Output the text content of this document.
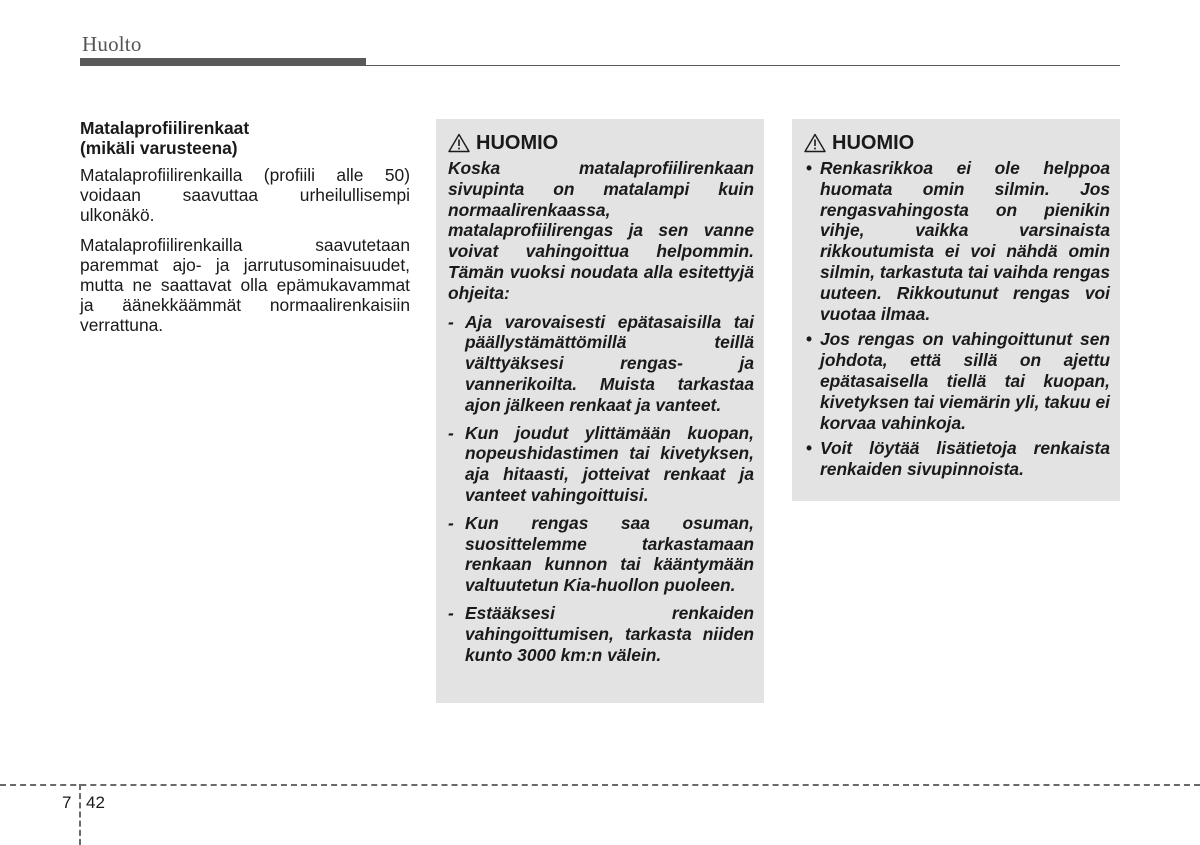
Huolto
Matalaprofiilirenkaat
(mikäli varusteena)

Matalaprofiilirenkailla (profiili alle 50) voidaan saavuttaa urheilullisempi ulkonäkö.

Matalaprofiilirenkailla saavutetaan paremmat ajo- ja jarrutusominaisuudet, mutta ne saattavat olla epämukavammat ja äänekkäämmät normaalirenkaisiin verrattuna.

HUOMIO

Koska matalaprofiilirenkaan sivupinta on matalampi kuin normaalirenkaassa, matalaprofiilirengas ja sen vanne voivat vahingoittua helpommin. Tämän vuoksi noudata alla esitettyjä ohjeita:

- Aja varovaisesti epätasaisilla tai päällystämättömillä teillä välttyäksesi rengas- ja vannerikoilta. Muista tarkastaa ajon jälkeen renkaat ja vanteet.
- Kun joudut ylittämään kuopan, nopeushidastimen tai kivetyksen, aja hitaasti, jotteivat renkaat ja vanteet vahingoittuisi.
- Kun rengas saa osuman, suosittelemme tarkastamaan renkaan kunnon tai kääntymään valtuutetun Kia-huollon puoleen.
- Estääksesi renkaiden vahingoittumisen, tarkasta niiden kunto 3000 km:n välein.
HUOMIO
• Renkasrikkoa ei ole helppoa huomata omin silmin. Jos rengasvahingosta on pienikin vihje, vaikka varsinaista rikkoutumista ei voi nähdä omin silmin, tarkastuta tai vaihda rengas uuteen. Rikkoutunut rengas voi vuotaa ilmaa.
• Jos rengas on vahingoittunut sen johdota, että sillä on ajettu epätasaisella tiellä tai kuopan, kivetyksen tai viemärin yli, takuu ei korvaa vahinkoja.
• Voit löytää lisätietoja renkaista renkaiden sivupinnoista.
7 42
